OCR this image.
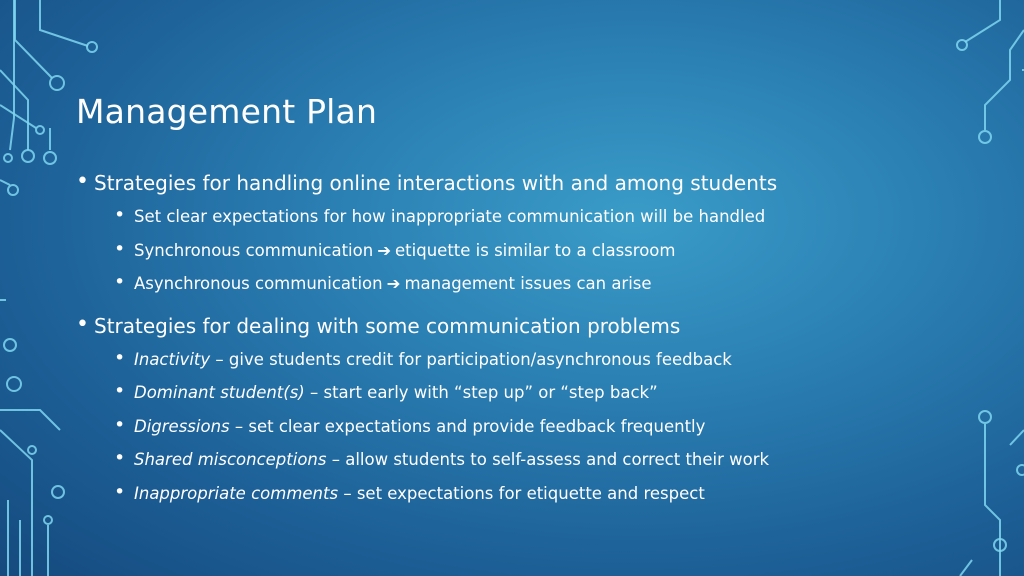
Management Plan

• Strategies for handling online interactions with and among students

• Set clear expectations for how inappropriate communication will be handled

• Synchronous communication ➔ etiquette is similar to a classroom

• Asynchronous communication ➔ management issues can arise

• Strategies for dealing with some communication problems

• Inactivity – give students credit for participation/asynchronous feedback

• Dominant student(s) – start early with “step up” or “step back”

• Digressions – set clear expectations and provide feedback frequently

• Shared misconceptions – allow students to self-assess and correct their work

• Inappropriate comments – set expectations for etiquette and respect
